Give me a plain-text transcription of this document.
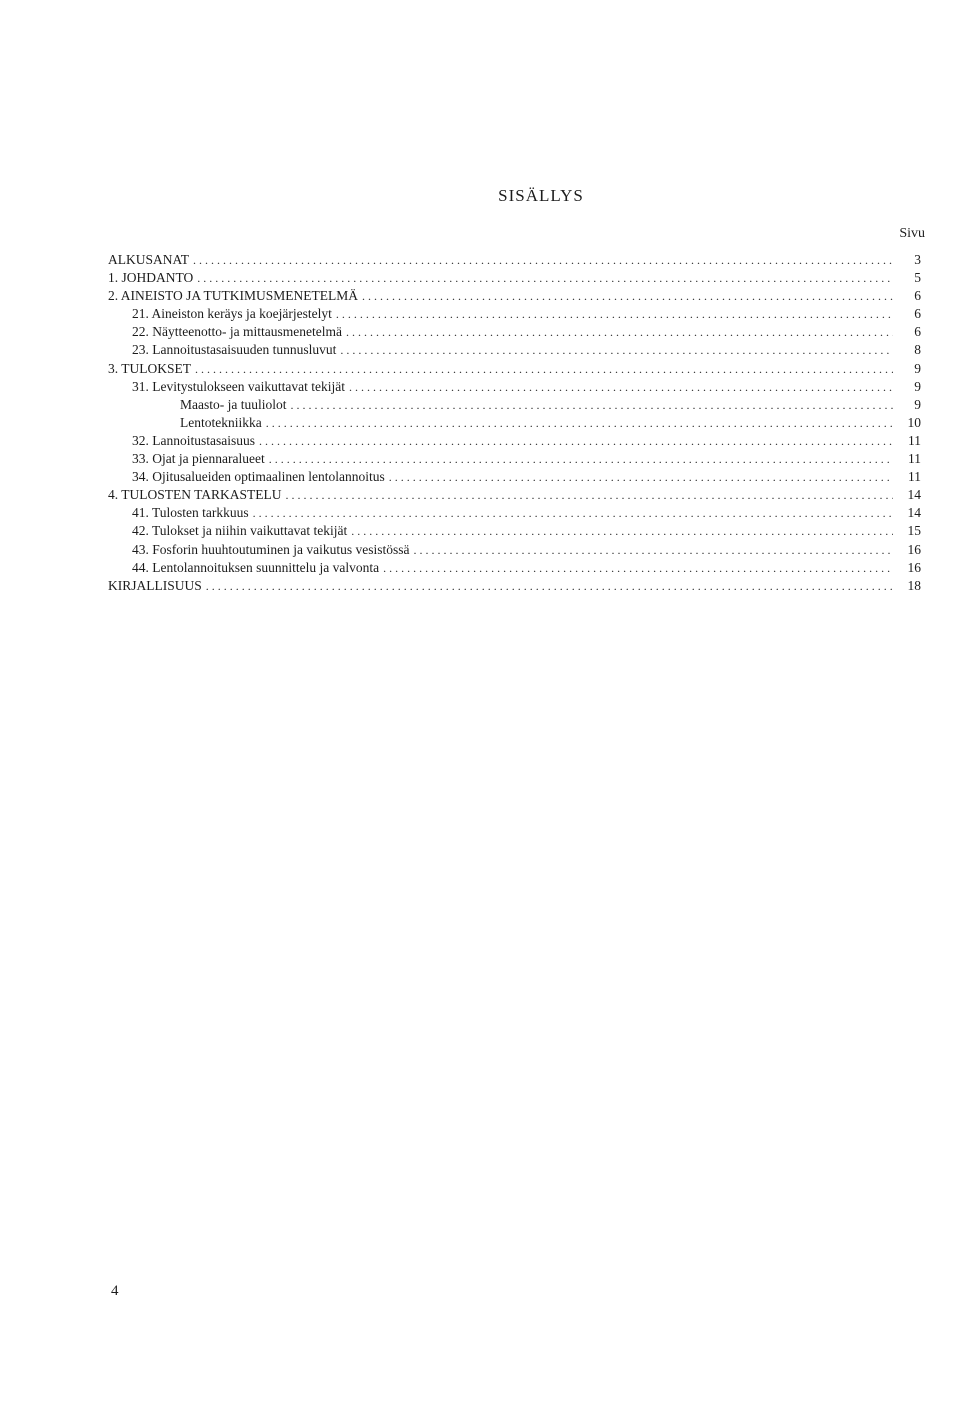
SISÄLLYS
Sivu
ALKUSANAT . . .	3
1. JOHDANTO . . .	5
2. AINEISTO JA TUTKIMUSMENETELMÄ . . .	6
21. Aineiston keräys ja koejärjestelyt . . .	6
22. Näytteenotto- ja mittausmenetelmä . . .	6
23. Lannoitustasaisuuden tunnusluvut . . .	8
3. TULOKSET . . .	9
31. Levitystulokseen vaikuttavat tekijät . . .	9
Maasto- ja tuuliolot . . .	9
Lentotekniikka . . .	10
32. Lannoitustasaisuus . . .	11
33. Ojat ja piennaralueet . . .	11
34. Ojitusalueiden optimaalinen lentolannoitus . . .	11
4. TULOSTEN TARKASTELU . . .	14
41. Tulosten tarkkuus . . .	14
42. Tulokset ja niihin vaikuttavat tekijät . . .	15
43. Fosforin huuhtoutuminen ja vaikutus vesistössä . . .	16
44. Lentolannoituksen suunnittelu ja valvonta . . .	16
KIRJALLISUUS . . .	18
4
